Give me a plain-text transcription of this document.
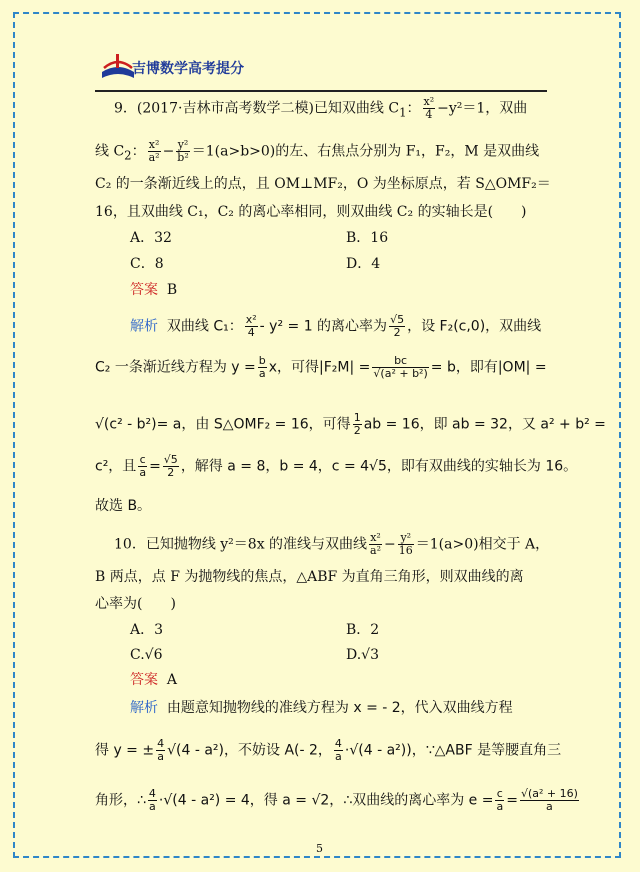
吉博数学高考提分
9．(2017·吉林市高考数学二模)已知双曲线 $C_1$： $\frac{\text{x²}}{4} -y^2=1$，双曲
线 $C_2$： $\frac{\text{x²}}{\text{a²}} - \frac{\text{y²}}{\text{b²}} =1(a>b>0)$的左、右焦点分别为 F₁，F₂，M 是双曲线
C₂ 的一条渐近线上的点，且 OM⊥MF₂，O 为坐标原点，若 S△OMF₂＝
16，且双曲线 C₁，C₂ 的离心率相同，则双曲线 C₂ 的实轴长是(　　)
A．32	B．16
C．8	D．4
答案 B
解析 双曲线 C₁： $\frac{\text{x²}}{4} - y^2 = 1$ 的离心率为 $\frac{√5}{2}$ ，设 F₂(c,0)，双曲线
C₂ 一条渐近线方程为 $y = \frac{b}{a}$ x，可得$|F_2M| = \frac{bc}{\text{√(a² + b²)}} = b$，即有|OM| =
√(c² - b²)= a，由 S△OMF₂ = 16，可得 $\frac{1}{2}$ ab = 16，即 ab = 32，又 a² + b² =
c²，且 $\frac{c}{a} = \frac{√5}{2}$ ，解得 a = 8，b = 4，c = 4√5，即有双曲线的实轴长为 16。
故选 B。
10．已知抛物线 y²＝8x 的准线与双曲线 $\frac{\text{x²}}{\text{a²}} - \frac{\text{y²}}{16} =1(a>0)$相交于 A，
B 两点，点 F 为抛物线的焦点，△ABF 为直角三角形，则双曲线的离
心率为(　　)
A．3	B．2
C.√6	D.√3
答案 A
解析 由题意知抛物线的准线方程为 x = - 2，代入双曲线方程
得 y = ± $\frac{4}{a} √(4 - a^2)$，不妨设 A(- 2， $\frac{4}{a} \cdot√(4 - a^2)$)，∵△ABF 是等腰直角三
角形，∴ $\frac{4}{a} \cdot√(4 - a^2) = 4$，得 a = √2，∴双曲线的离心率为 $e = \frac{c}{a} = \frac{\text{√(a² + 16)}}{a}$
5
